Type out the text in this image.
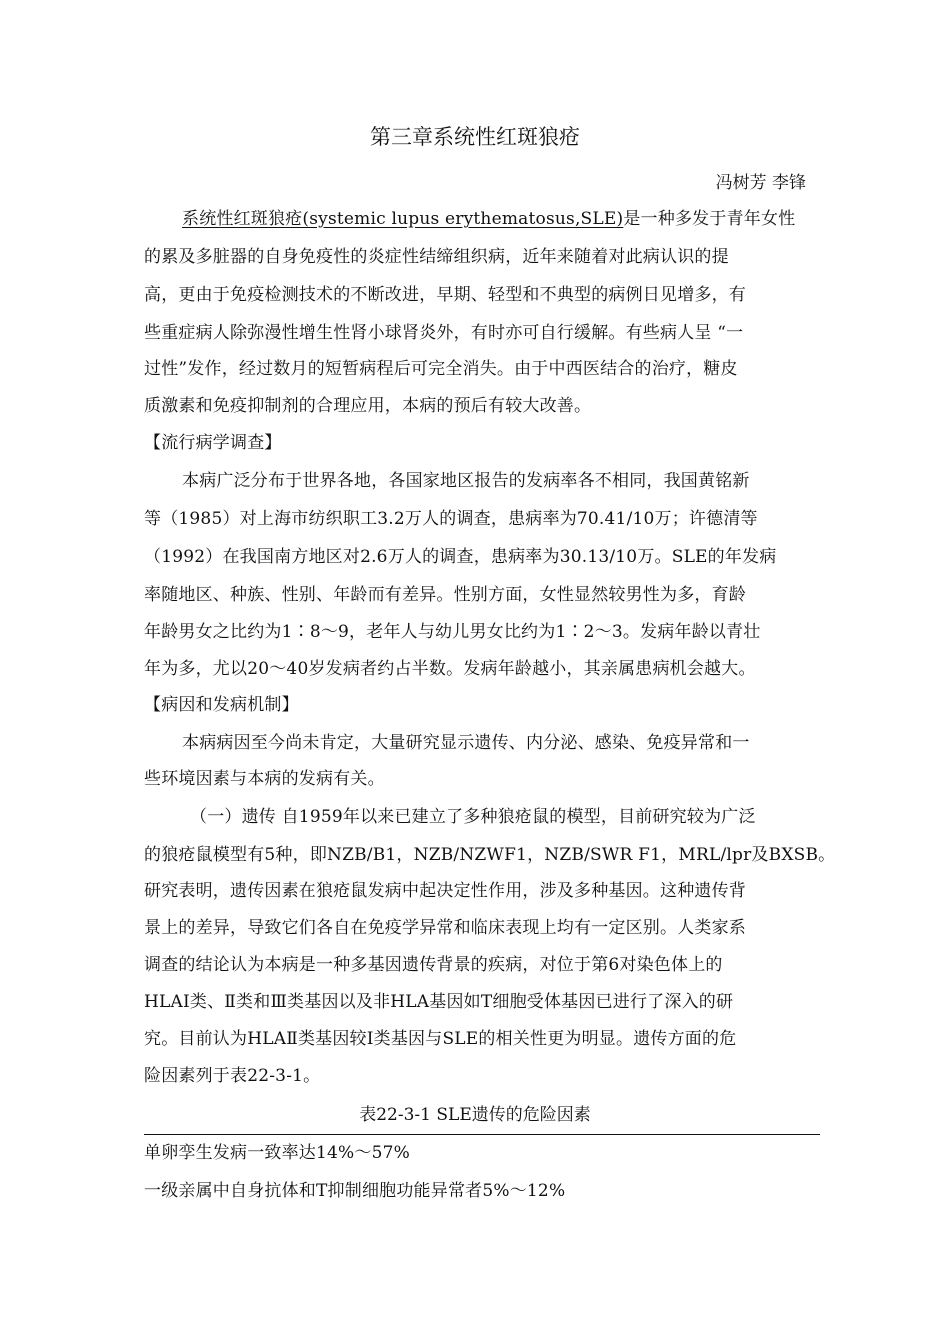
第三章系统性红斑狼疮
冯树芳 李锋
系统性红斑狼疮(systemic lupus erythematosus,SLE)是一种多发于青年女性
的累及多脏器的自身免疫性的炎症性结缔组织病，近年来随着对此病认识的提
高，更由于免疫检测技术的不断改进，早期、轻型和不典型的病例日见增多，有
些重症病人除弥漫性增生性肾小球肾炎外，有时亦可自行缓解。有些病人呈 “一
过性”发作，经过数月的短暂病程后可完全消失。由于中西医结合的治疗，糖皮
质激素和免疫抑制剂的合理应用，本病的预后有较大改善。
【流行病学调查】
本病广泛分布于世界各地，各国家地区报告的发病率各不相同，我国黄铭新
等（1985）对上海市纺织职工3.2万人的调查，患病率为70.41/10万；许德清等
（1992）在我国南方地区对2.6万人的调查，患病率为30.13/10万。SLE的年发病
率随地区、种族、性别、年龄而有差异。性别方面，女性显然较男性为多，育龄
年龄男女之比约为1∶8～9，老年人与幼儿男女比约为1∶2～3。发病年龄以青壮
年为多，尤以20～40岁发病者约占半数。发病年龄越小，其亲属患病机会越大。
【病因和发病机制】
本病病因至今尚未肯定，大量研究显示遗传、内分泌、感染、免疫异常和一
些环境因素与本病的发病有关。
（一）遗传 自1959年以来已建立了多种狼疮鼠的模型，目前研究较为广泛
的狼疮鼠模型有5种，即NZB/B1，NZB/NZWF1，NZB/SWR F1，MRL/lpr及BXSB。
研究表明，遗传因素在狼疮鼠发病中起决定性作用，涉及多种基因。这种遗传背
景上的差异，导致它们各自在免疫学异常和临床表现上均有一定区别。人类家系
调查的结论认为本病是一种多基因遗传背景的疾病，对位于第6对染色体上的
HLAⅠ类、Ⅱ类和Ⅲ类基因以及非HLA基因如T细胞受体基因已进行了深入的研
究。目前认为HLAⅡ类基因较Ⅰ类基因与SLE的相关性更为明显。遗传方面的危
险因素列于表22-3-1。
表22-3-1 SLE遗传的危险因素
单卵孪生发病一致率达14%～57%
一级亲属中自身抗体和T抑制细胞功能异常者5%～12%
